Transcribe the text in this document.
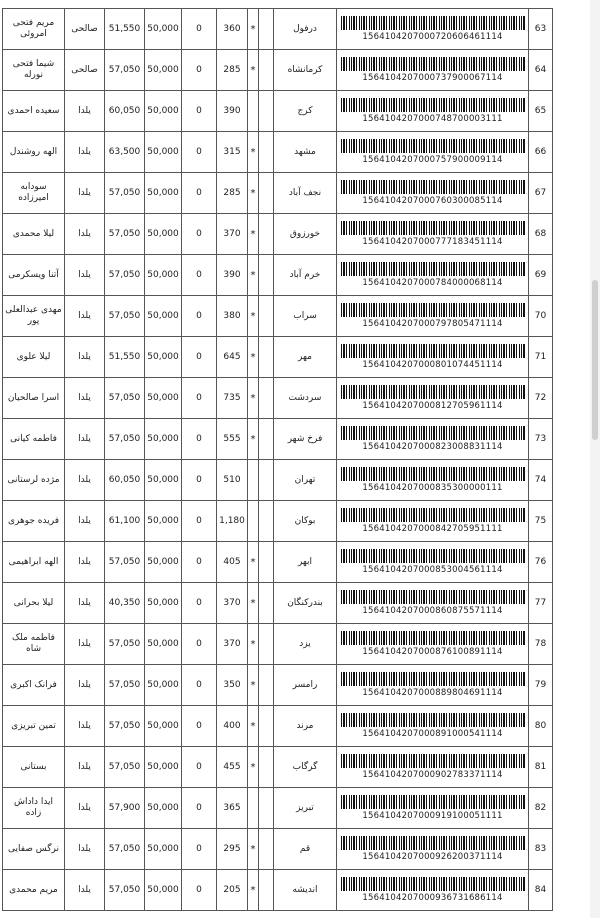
مریم فتحی امروئی	صالحی	51,550	50,000	0	360	*		درفول	1564104207000720606461114	63
شیما فتحی نورله	صالحی	57,050	50,000	0	285	*		کرمانشاه	1564104207000737900067114	64
سعیده احمدی	یلدا	60,050	50,000	0	390			کرج	1564104207000748700003111	65
الهه روشندل	یلدا	63,500	50,000	0	315	*		مشهد	1564104207000757900009114	66
سودابه امیرزاده	یلدا	57,050	50,000	0	285	*		نجف آباد	1564104207000760300085114	67
لیلا محمدی	یلدا	57,050	50,000	0	370	*		خورزوق	1564104207000777183451114	68
آتنا ویسکرمی	یلدا	57,050	50,000	0	390	*		خرم آباد	1564104207000784000068114	69
مهدی عبدالعلی پور	یلدا	57,050	50,000	0	380	*		سراب	1564104207000797805471114	70
لیلا علوی	یلدا	51,550	50,000	0	645	*		مهر	1564104207000801074451114	71
اسرا صالحیان	یلدا	57,050	50,000	0	735	*		سردشت	1564104207000812705961114	72
فاطمه کیانی	یلدا	57,050	50,000	0	555	*		فرخ شهر	1564104207000823008831114	73
مژده لرستانی	یلدا	60,050	50,000	0	510			تهران	1564104207000835300000111	74
فریده جوهری	یلدا	61,100	50,000	0	1,180			بوکان	1564104207000842705951111	75
الهه ابراهیمی	یلدا	57,050	50,000	0	405	*		ابهر	1564104207000853004561114	76
لیلا بحرانی	یلدا	40,350	50,000	0	370	*		بندرکنگان	1564104207000860875571114	77
فاطمه ملک شاه	یلدا	57,050	50,000	0	370	*		یزد	1564104207000876100891114	78
فرانک اکبری	یلدا	57,050	50,000	0	350	*		رامسر	1564104207000889804691114	79
تمین تبریزی	یلدا	57,050	50,000	0	400	*		مرند	1564104207000891000541114	80
بستانی	یلدا	57,050	50,000	0	455	*		گرگاب	1564104207000902783371114	81
ایدا داداش زاده	یلدا	57,900	50,000	0	365			تبریز	1564104207000919100051111	82
نرگس صفایی	یلدا	57,050	50,000	0	295	*		قم	1564104207000926200371114	83
مریم محمدی	یلدا	57,050	50,000	0	205	*		اندیشه	1564104207000936731686114	84
